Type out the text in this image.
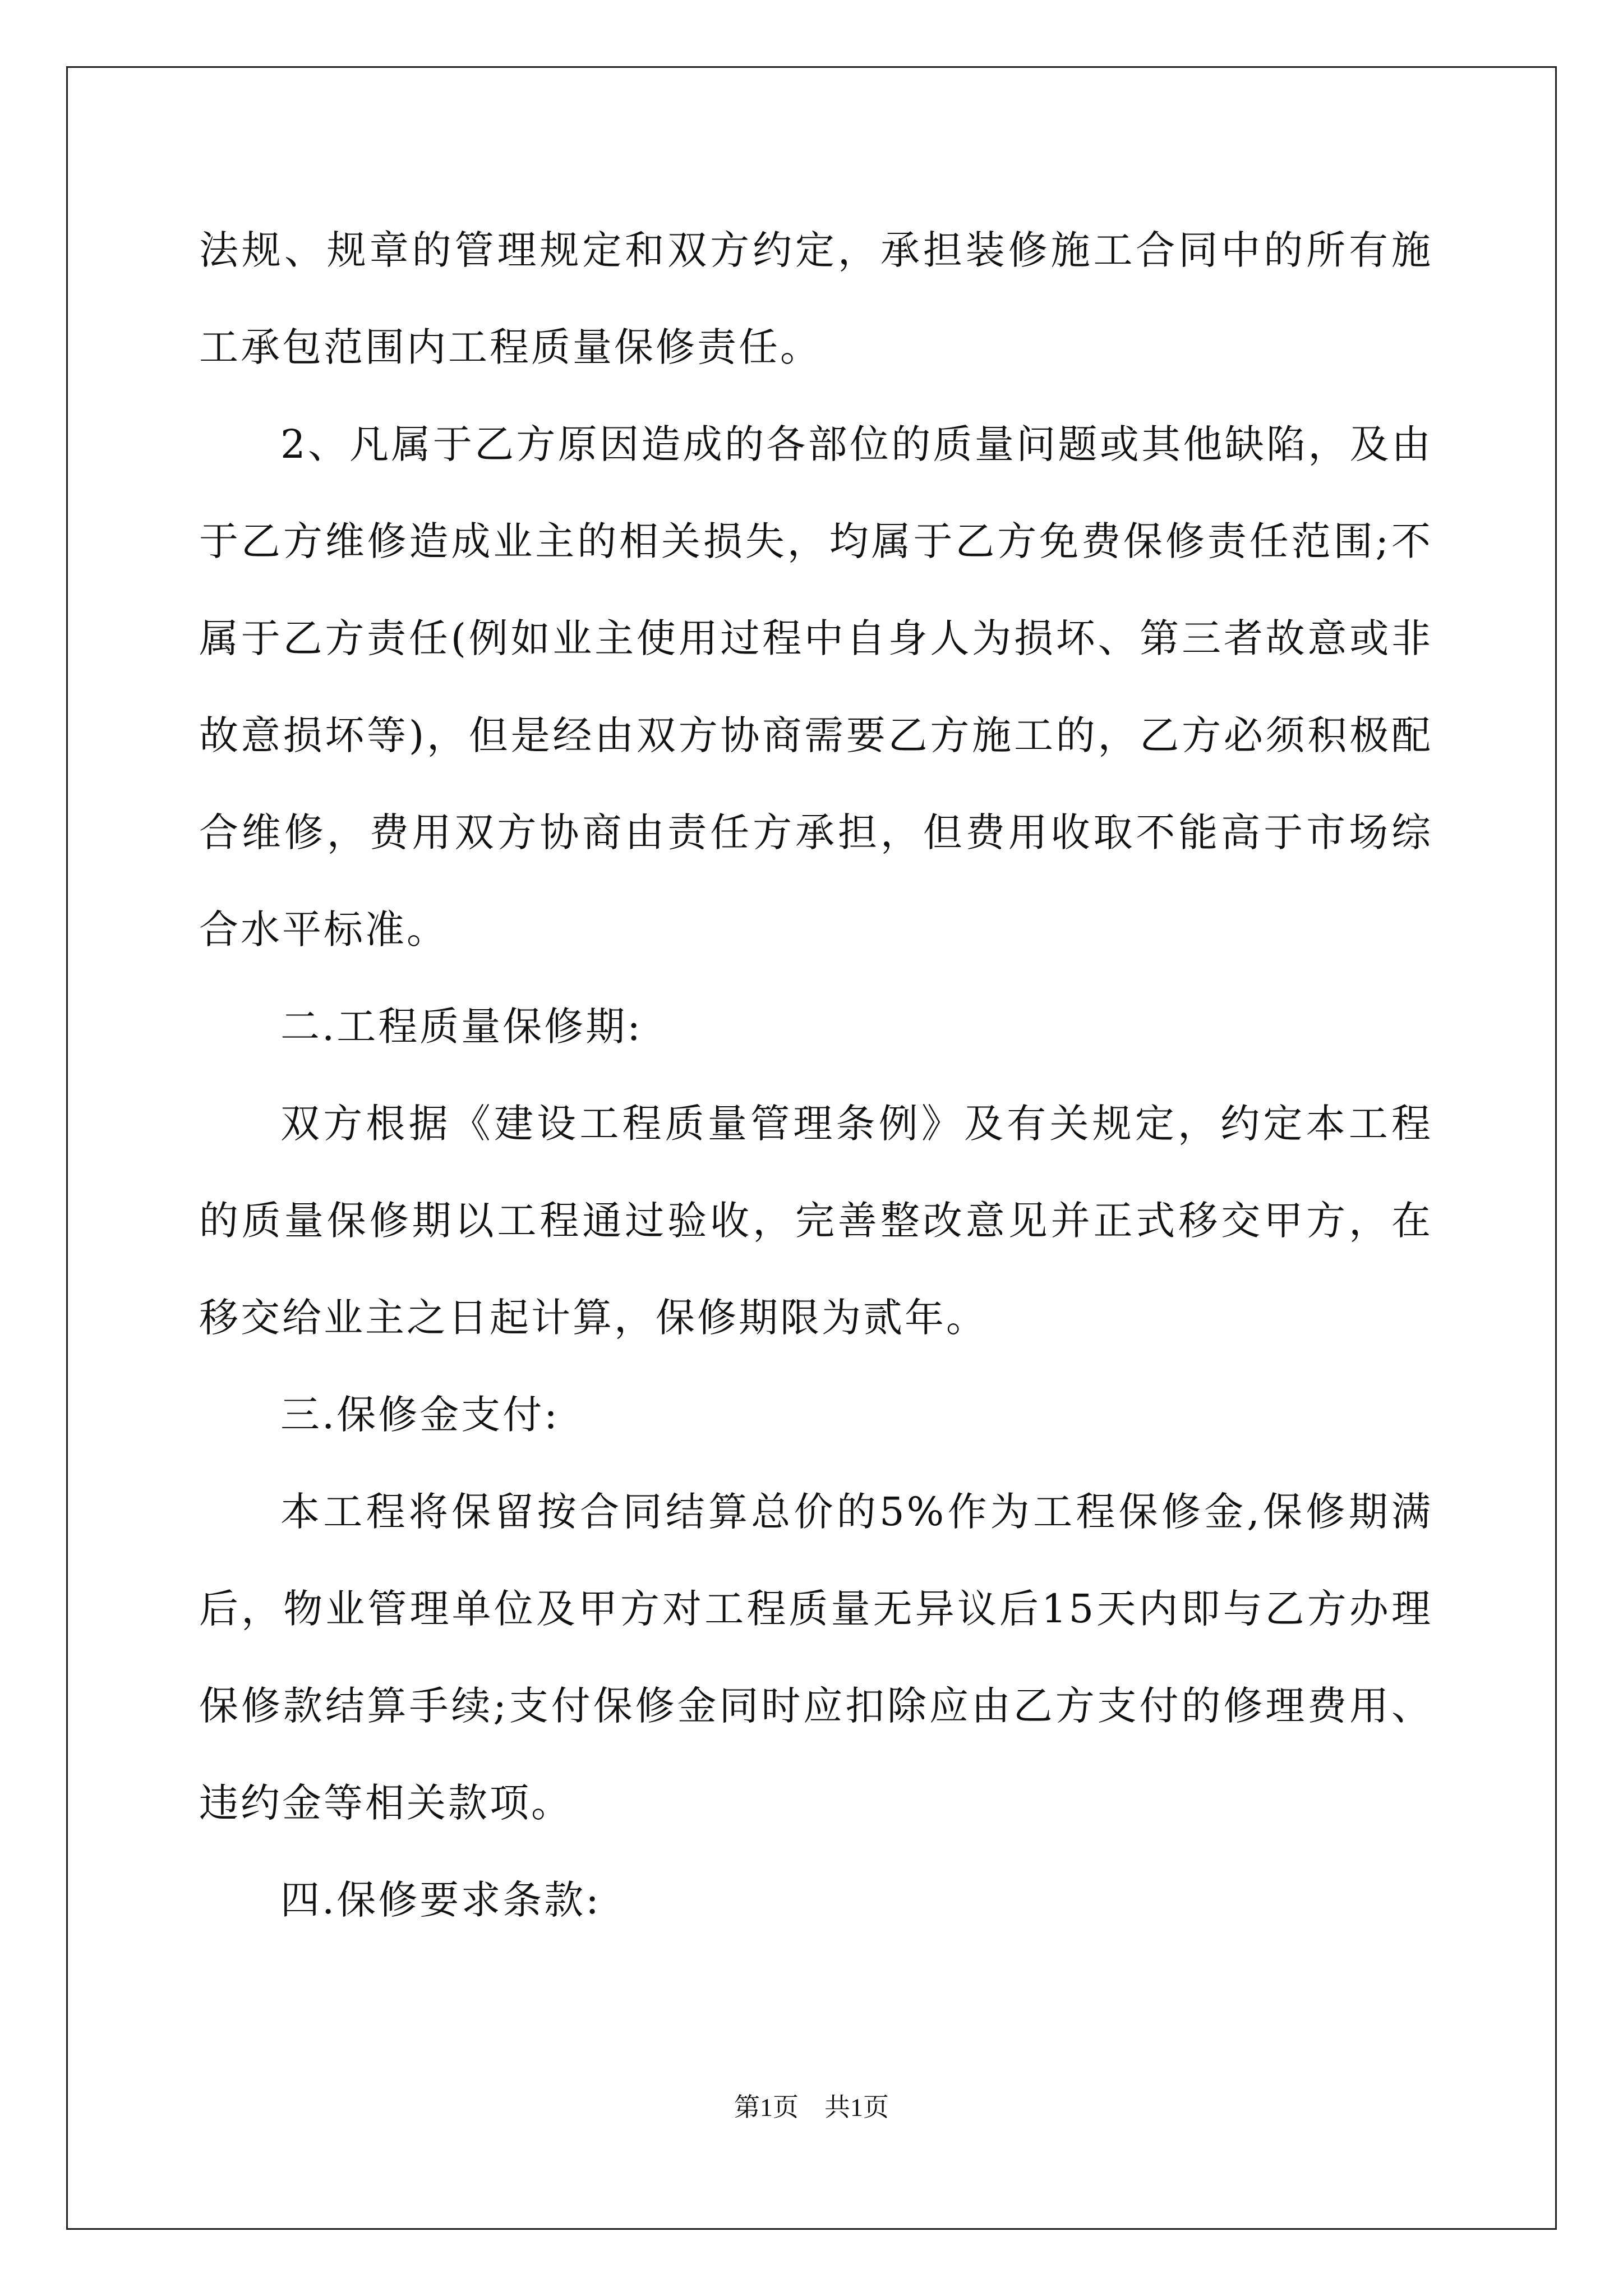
法规、规章的管理规定和双方约定，承担装修施工合同中的所有施工承包范围内工程质量保修责任。

2、凡属于乙方原因造成的各部位的质量问题或其他缺陷，及由于乙方维修造成业主的相关损失，均属于乙方免费保修责任范围;不属于乙方责任(例如业主使用过程中自身人为损坏、第三者故意或非故意损坏等)，但是经由双方协商需要乙方施工的，乙方必须积极配合维修，费用双方协商由责任方承担，但费用收取不能高于市场综合水平标准。

二.工程质量保修期:

双方根据《建设工程质量管理条例》及有关规定，约定本工程的质量保修期以工程通过验收，完善整改意见并正式移交甲方，在移交给业主之日起计算，保修期限为贰年。

三.保修金支付:

本工程将保留按合同结算总价的5%作为工程保修金,保修期满后，物业管理单位及甲方对工程质量无异议后15天内即与乙方办理保修款结算手续;支付保修金同时应扣除应由乙方支付的修理费用、违约金等相关款项。

四.保修要求条款:

第1页　共1页
